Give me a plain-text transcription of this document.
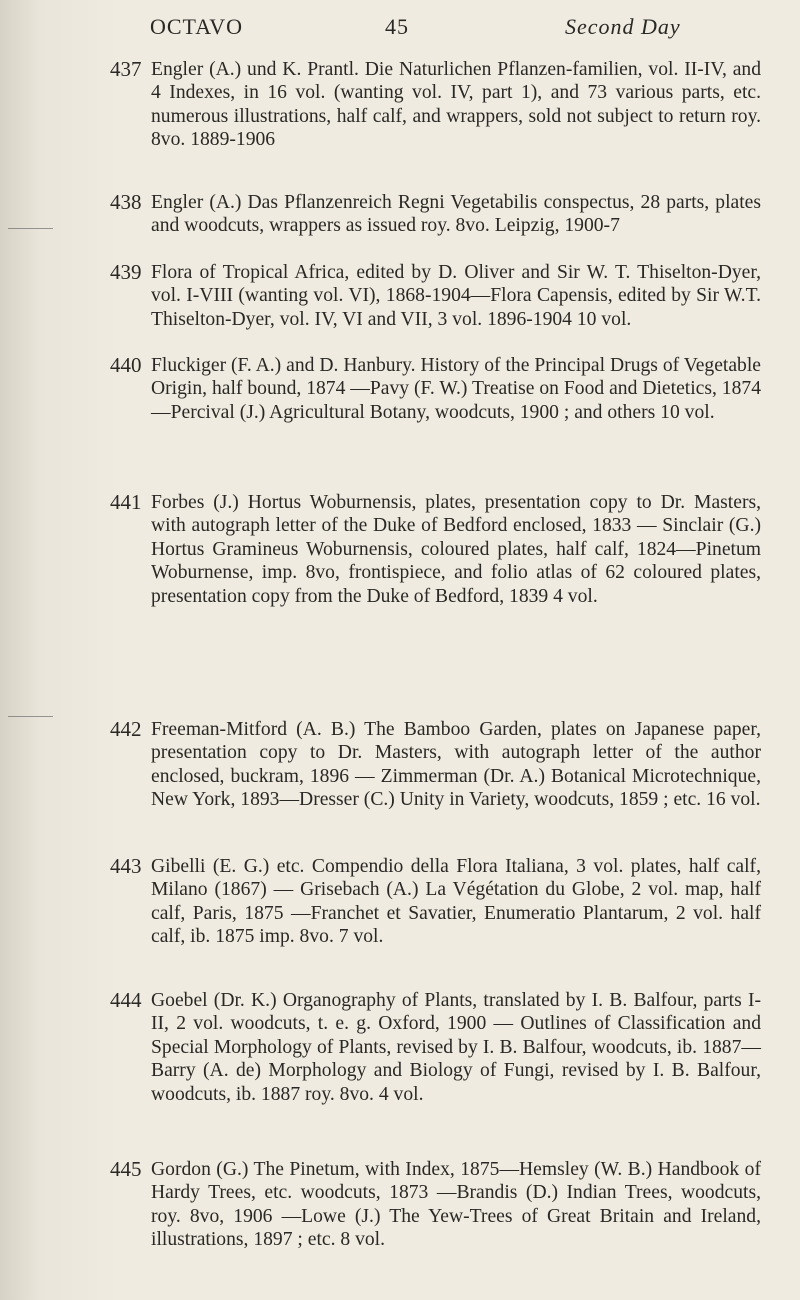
OCTAVO	45	Second Day
437 Engler (A.) und K. Prantl. Die Naturlichen Pflanzen-familien, vol. II-IV, and 4 Indexes, in 16 vol. (wanting vol. IV, part 1), and 73 various parts, etc. numerous illustrations, half calf, and wrappers, sold not subject to return roy. 8vo. 1889-1906
438 Engler (A.) Das Pflanzenreich Regni Vegetabilis conspectus, 28 parts, plates and woodcuts, wrappers as issued roy. 8vo. Leipzig, 1900-7
439 Flora of Tropical Africa, edited by D. Oliver and Sir W. T. Thiselton-Dyer, vol. I-VIII (wanting vol. VI), 1868-1904—Flora Capensis, edited by Sir W.T. Thiselton-Dyer, vol. IV, VI and VII, 3 vol. 1896-1904 10 vol.
440 Fluckiger (F. A.) and D. Hanbury. History of the Principal Drugs of Vegetable Origin, half bound, 1874 —Pavy (F. W.) Treatise on Food and Dietetics, 1874—Percival (J.) Agricultural Botany, woodcuts, 1900 ; and others 10 vol.
441 Forbes (J.) Hortus Woburnensis, plates, presentation copy to Dr. Masters, with autograph letter of the Duke of Bedford enclosed, 1833 — Sinclair (G.) Hortus Gramineus Woburnensis, coloured plates, half calf, 1824—Pinetum Woburnense, imp. 8vo, frontispiece, and folio atlas of 62 coloured plates, presentation copy from the Duke of Bedford, 1839 4 vol.
442 Freeman-Mitford (A. B.) The Bamboo Garden, plates on Japanese paper, presentation copy to Dr. Masters, with autograph letter of the author enclosed, buckram, 1896 — Zimmerman (Dr. A.) Botanical Microtechnique, New York, 1893—Dresser (C.) Unity in Variety, woodcuts, 1859 ; etc. 16 vol.
443 Gibelli (E. G.) etc. Compendio della Flora Italiana, 3 vol. plates, half calf, Milano (1867) — Grisebach (A.) La Végétation du Globe, 2 vol. map, half calf, Paris, 1875 —Franchet et Savatier, Enumeratio Plantarum, 2 vol. half calf, ib. 1875 imp. 8vo. 7 vol.
444 Goebel (Dr. K.) Organography of Plants, translated by I. B. Balfour, parts I-II, 2 vol. woodcuts, t. e. g. Oxford, 1900 — Outlines of Classification and Special Morphology of Plants, revised by I. B. Balfour, woodcuts, ib. 1887—Barry (A. de) Morphology and Biology of Fungi, revised by I. B. Balfour, woodcuts, ib. 1887 roy. 8vo. 4 vol.
445 Gordon (G.) The Pinetum, with Index, 1875—Hemsley (W. B.) Handbook of Hardy Trees, etc. woodcuts, 1873 —Brandis (D.) Indian Trees, woodcuts, roy. 8vo, 1906 —Lowe (J.) The Yew-Trees of Great Britain and Ireland, illustrations, 1897 ; etc. 8 vol.
